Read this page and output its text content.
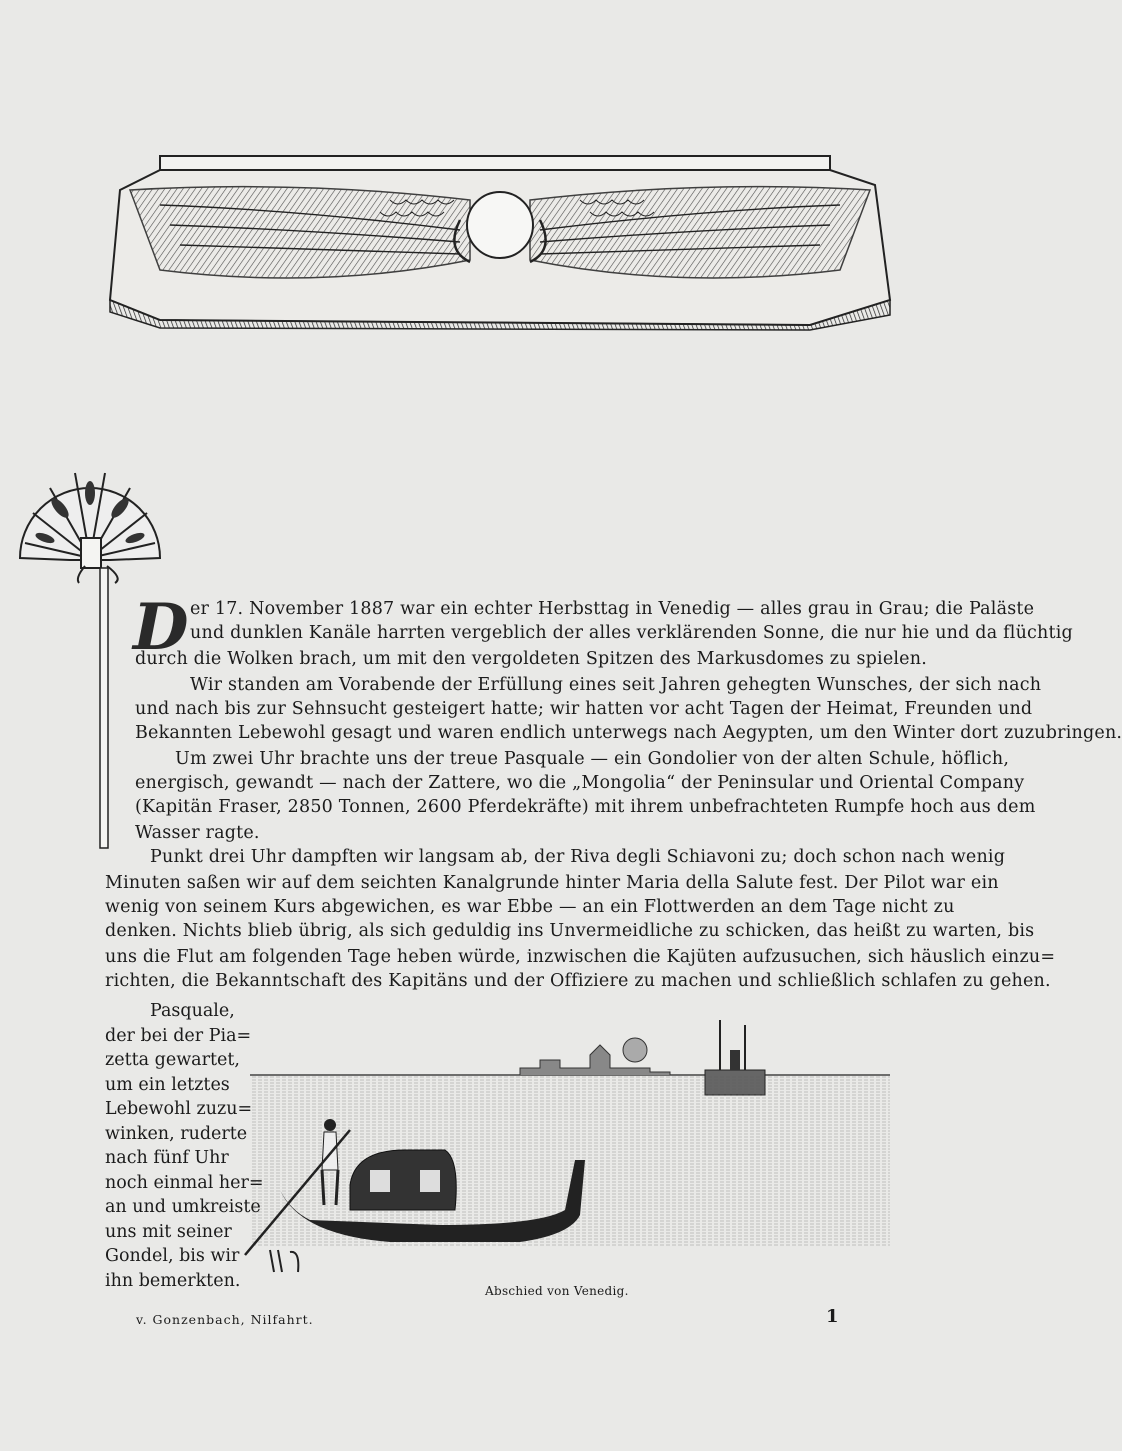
D er 17. November 1887 war ein echter Herbsttag in Venedig — alles grau in Grau; die Paläste
und dunklen Kanäle harrten vergeblich der alles verklärenden Sonne, die nur hie und da flüchtig
durch die Wolken brach, um mit den vergoldeten Spitzen des Markusdomes zu spielen.
Wir standen am Vorabende der Erfüllung eines seit Jahren gehegten Wunsches, der sich nach
und nach bis zur Sehnsucht gesteigert hatte; wir hatten vor acht Tagen der Heimat, Freunden und
Bekannten Lebewohl gesagt und waren endlich unterwegs nach Aegypten, um den Winter dort zuzubringen.
Um zwei Uhr brachte uns der treue Pasquale — ein Gondolier von der alten Schule, höflich,
energisch, gewandt — nach der Zattere, wo die „Mongolia“ der Peninsular und Oriental Company
(Kapitän Fraser, 2850 Tonnen, 2600 Pferdekräfte) mit ihrem unbefrachteten Rumpfe hoch aus dem
Wasser ragte.
Punkt drei Uhr dampften wir langsam ab, der Riva degli Schiavoni zu; doch schon nach wenig
Minuten saßen wir auf dem seichten Kanalgrunde hinter Maria della Salute fest. Der Pilot war ein
wenig von seinem Kurs abgewichen, es war Ebbe — an ein Flottwerden an dem Tage nicht zu
denken. Nichts blieb übrig, als sich geduldig ins Unvermeidliche zu schicken, das heißt zu warten, bis
uns die Flut am folgenden Tage heben würde, inzwischen die Kajüten aufzusuchen, sich häuslich einzu=
richten, die Bekanntschaft des Kapitäns und der Offiziere zu machen und schließlich schlafen zu gehen.
Pasquale,
der bei der Pia=
zetta gewartet,
um ein letztes
Lebewohl zuzu=
winken, ruderte
nach fünf Uhr
noch einmal her=
an und umkreiste
uns mit seiner
Gondel, bis wir
ihn bemerkten.
Abschied von Venedig.
v. Gonzenbach, Nilfahrt.	1
